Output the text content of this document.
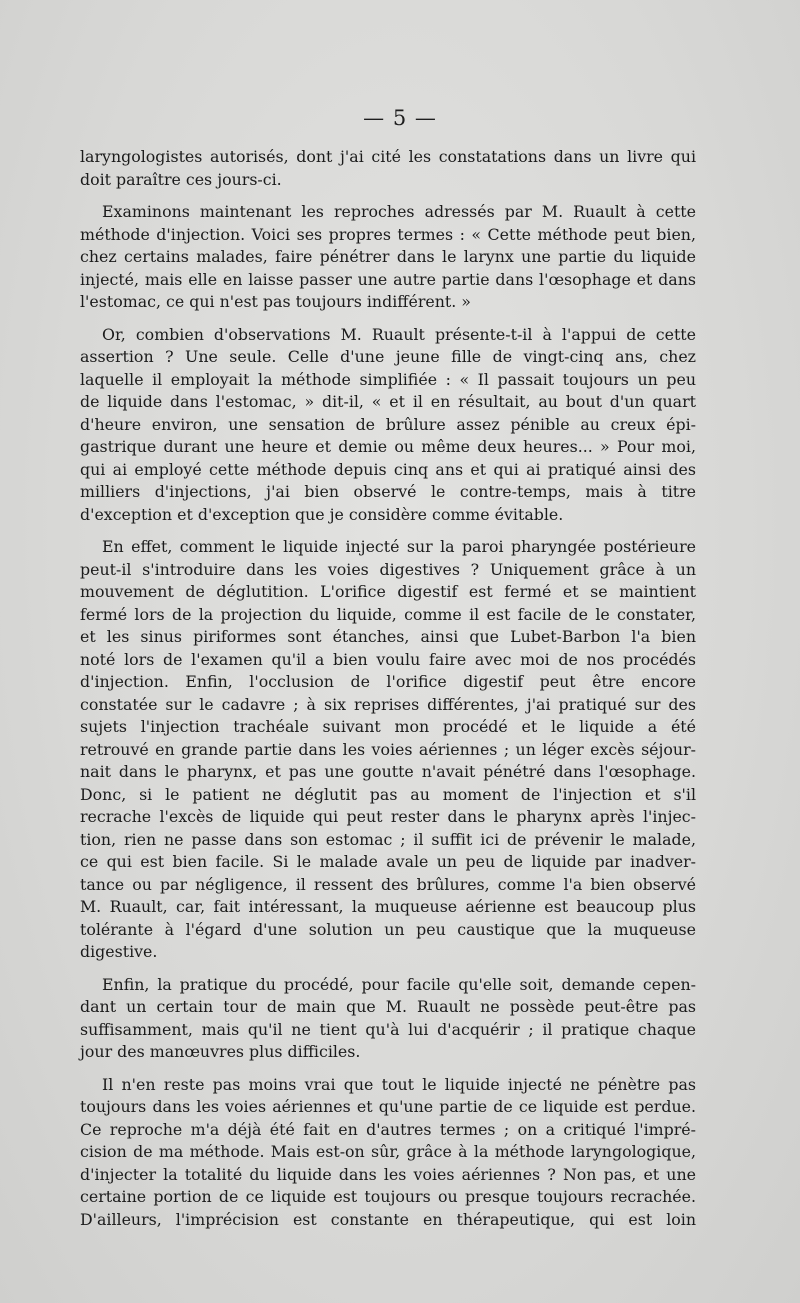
— 5 —
laryngologistes autorisés, dont j'ai cité les constatations dans un livre qui
doit paraître ces jours-ci.
Examinons maintenant les reproches adressés par M. Ruault à cette
méthode d'injection. Voici ses propres termes : « Cette méthode peut bien,
chez certains malades, faire pénétrer dans le larynx une partie du liquide
injecté, mais elle en laisse passer une autre partie dans l'œsophage et dans
l'estomac, ce qui n'est pas toujours indifférent. »
Or, combien d'observations M. Ruault présente-t-il à l'appui de cette
assertion ? Une seule. Celle d'une jeune fille de vingt-cinq ans, chez
laquelle il employait la méthode simplifiée : « Il passait toujours un peu
de liquide dans l'estomac, » dit-il, « et il en résultait, au bout d'un quart
d'heure environ, une sensation de brûlure assez pénible au creux épi-
gastrique durant une heure et demie ou même deux heures... » Pour moi,
qui ai employé cette méthode depuis cinq ans et qui ai pratiqué ainsi des
milliers d'injections, j'ai bien observé le contre-temps, mais à titre
d'exception et d'exception que je considère comme évitable.
En effet, comment le liquide injecté sur la paroi pharyngée postérieure
peut-il s'introduire dans les voies digestives ? Uniquement grâce à un
mouvement de déglutition. L'orifice digestif est fermé et se maintient
fermé lors de la projection du liquide, comme il est facile de le constater,
et les sinus piriformes sont étanches, ainsi que Lubet-Barbon l'a bien
noté lors de l'examen qu'il a bien voulu faire avec moi de nos procédés
d'injection. Enfin, l'occlusion de l'orifice digestif peut être encore
constatée sur le cadavre ; à six reprises différentes, j'ai pratiqué sur des
sujets l'injection trachéale suivant mon procédé et le liquide a été
retrouvé en grande partie dans les voies aériennes ; un léger excès séjour-
nait dans le pharynx, et pas une goutte n'avait pénétré dans l'œsophage.
Donc, si le patient ne déglutit pas au moment de l'injection et s'il
recrache l'excès de liquide qui peut rester dans le pharynx après l'injec-
tion, rien ne passe dans son estomac ; il suffit ici de prévenir le malade,
ce qui est bien facile. Si le malade avale un peu de liquide par inadver-
tance ou par négligence, il ressent des brûlures, comme l'a bien observé
M. Ruault, car, fait intéressant, la muqueuse aérienne est beaucoup plus
tolérante à l'égard d'une solution un peu caustique que la muqueuse
digestive.
Enfin, la pratique du procédé, pour facile qu'elle soit, demande cepen-
dant un certain tour de main que M. Ruault ne possède peut-être pas
suffisamment, mais qu'il ne tient qu'à lui d'acquérir ; il pratique chaque
jour des manœuvres plus difficiles.
Il n'en reste pas moins vrai que tout le liquide injecté ne pénètre pas
toujours dans les voies aériennes et qu'une partie de ce liquide est perdue.
Ce reproche m'a déjà été fait en d'autres termes ; on a critiqué l'impré-
cision de ma méthode. Mais est-on sûr, grâce à la méthode laryngologique,
d'injecter la totalité du liquide dans les voies aériennes ? Non pas, et une
certaine portion de ce liquide est toujours ou presque toujours recrachée.
D'ailleurs, l'imprécision est constante en thérapeutique, qui est loin
